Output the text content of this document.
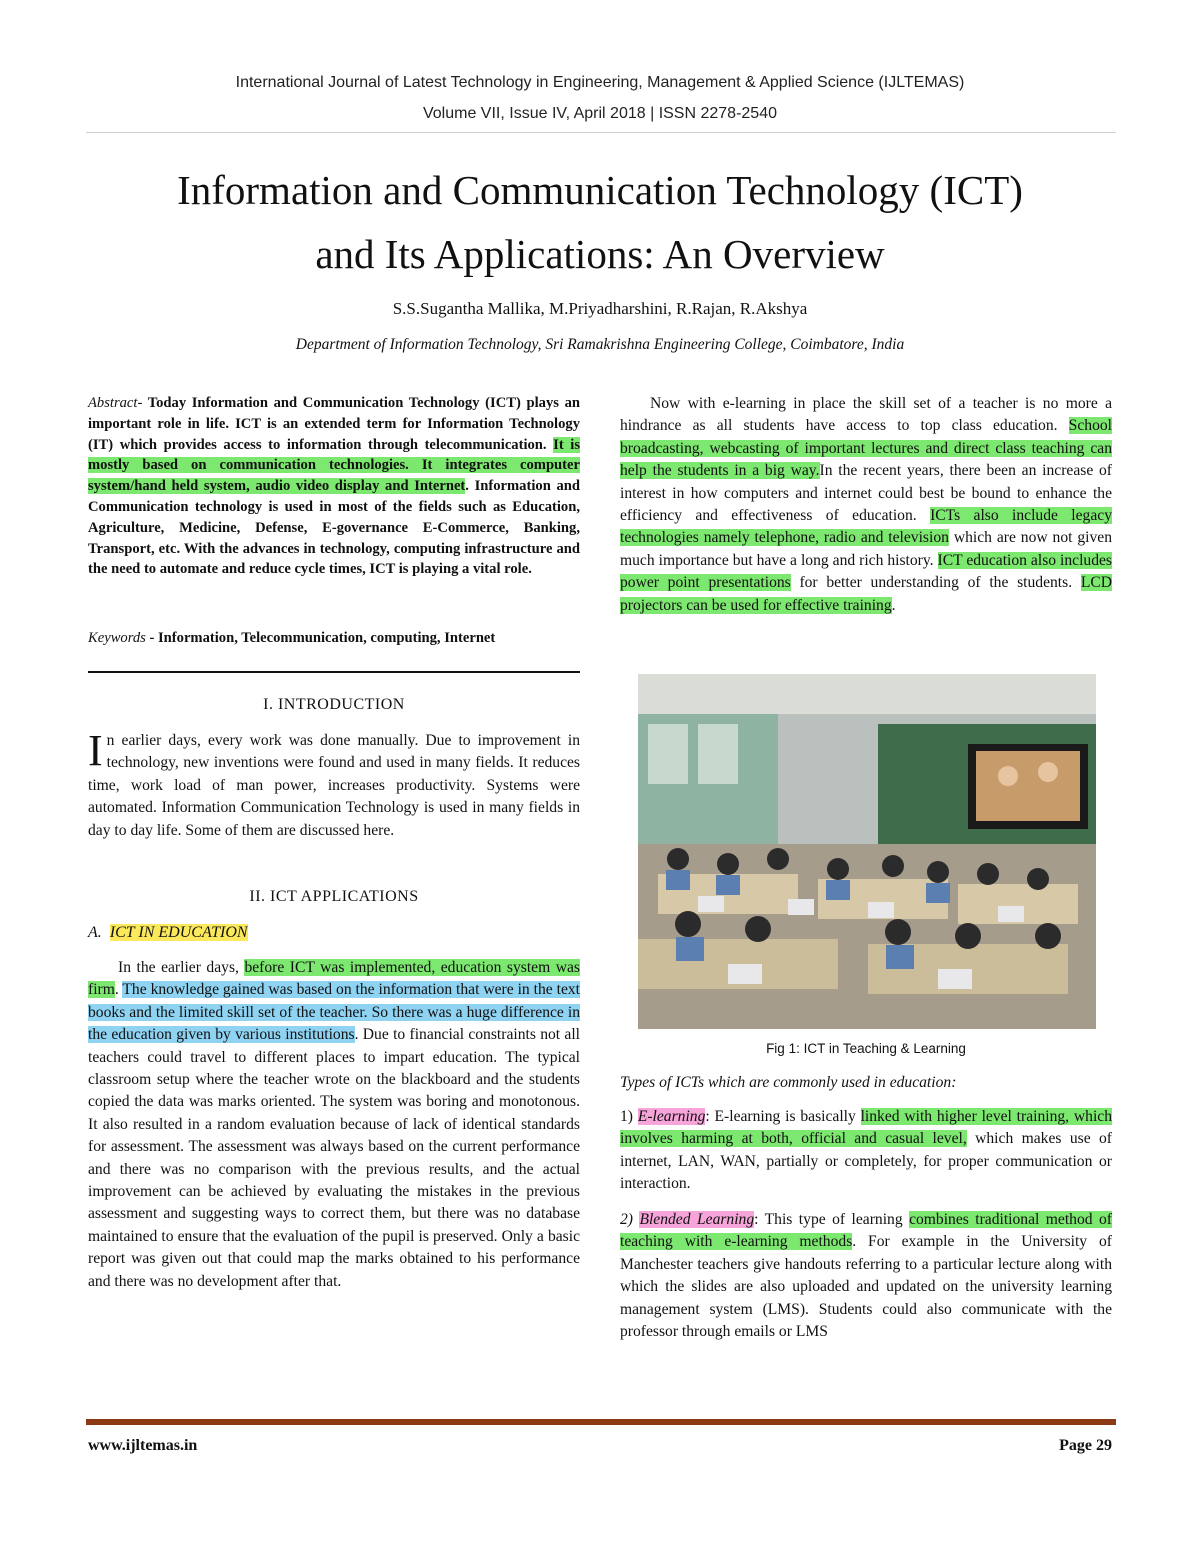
International Journal of Latest Technology in Engineering, Management & Applied Science (IJLTEMAS)
Volume VII, Issue IV, April 2018 | ISSN 2278-2540
Information and Communication Technology (ICT)
and Its Applications: An Overview
S.S.Sugantha Mallika, M.Priyadharshini, R.Rajan, R.Akshya
Department of Information Technology, Sri Ramakrishna Engineering College, Coimbatore, India
Abstract- Today Information and Communication Technology (ICT) plays an important role in life. ICT is an extended term for Information Technology (IT) which provides access to information through telecommunication. It is mostly based on communication technologies. It integrates computer system/hand held system, audio video display and Internet. Information and Communication technology is used in most of the fields such as Education, Agriculture, Medicine, Defense, E-governance E-Commerce, Banking, Transport, etc. With the advances in technology, computing infrastructure and the need to automate and reduce cycle times, ICT is playing a vital role.
Keywords - Information, Telecommunication, computing, Internet
I. INTRODUCTION
In earlier days, every work was done manually. Due to improvement in technology, new inventions were found and used in many fields. It reduces time, work load of man power, increases productivity. Systems were automated. Information Communication Technology is used in many fields in day to day life. Some of them are discussed here.
II. ICT APPLICATIONS
A. ICT IN EDUCATION
In the earlier days, before ICT was implemented, education system was firm. The knowledge gained was based on the information that were in the text books and the limited skill set of the teacher. So there was a huge difference in the education given by various institutions. Due to financial constraints not all teachers could travel to different places to impart education. The typical classroom setup where the teacher wrote on the blackboard and the students copied the data was marks oriented. The system was boring and monotonous. It also resulted in a random evaluation because of lack of identical standards for assessment. The assessment was always based on the current performance and there was no comparison with the previous results, and the actual improvement can be achieved by evaluating the mistakes in the previous assessment and suggesting ways to correct them, but there was no database maintained to ensure that the evaluation of the pupil is preserved. Only a basic report was given out that could map the marks obtained to his performance and there was no development after that.
Now with e-learning in place the skill set of a teacher is no more a hindrance as all students have access to top class education. School broadcasting, webcasting of important lectures and direct class teaching can help the students in a big way.In the recent years, there been an increase of interest in how computers and internet could best be bound to enhance the efficiency and effectiveness of education. ICTs also include legacy technologies namely telephone, radio and television which are now not given much importance but have a long and rich history. ICT education also includes power point presentations for better understanding of the students. LCD projectors can be used for effective training.
Fig 1: ICT in Teaching & Learning
Types of ICTs which are commonly used in education:
1) E-learning: E-learning is basically linked with higher level training, which involves harming at both, official and casual level, which makes use of internet, LAN, WAN, partially or completely, for proper communication or interaction.
2) Blended Learning: This type of learning combines traditional method of teaching with e-learning methods. For example in the University of Manchester teachers give handouts referring to a particular lecture along with which the slides are also uploaded and updated on the university learning management system (LMS). Students could also communicate with the professor through emails or LMS
www.ijltemas.in	Page 29
